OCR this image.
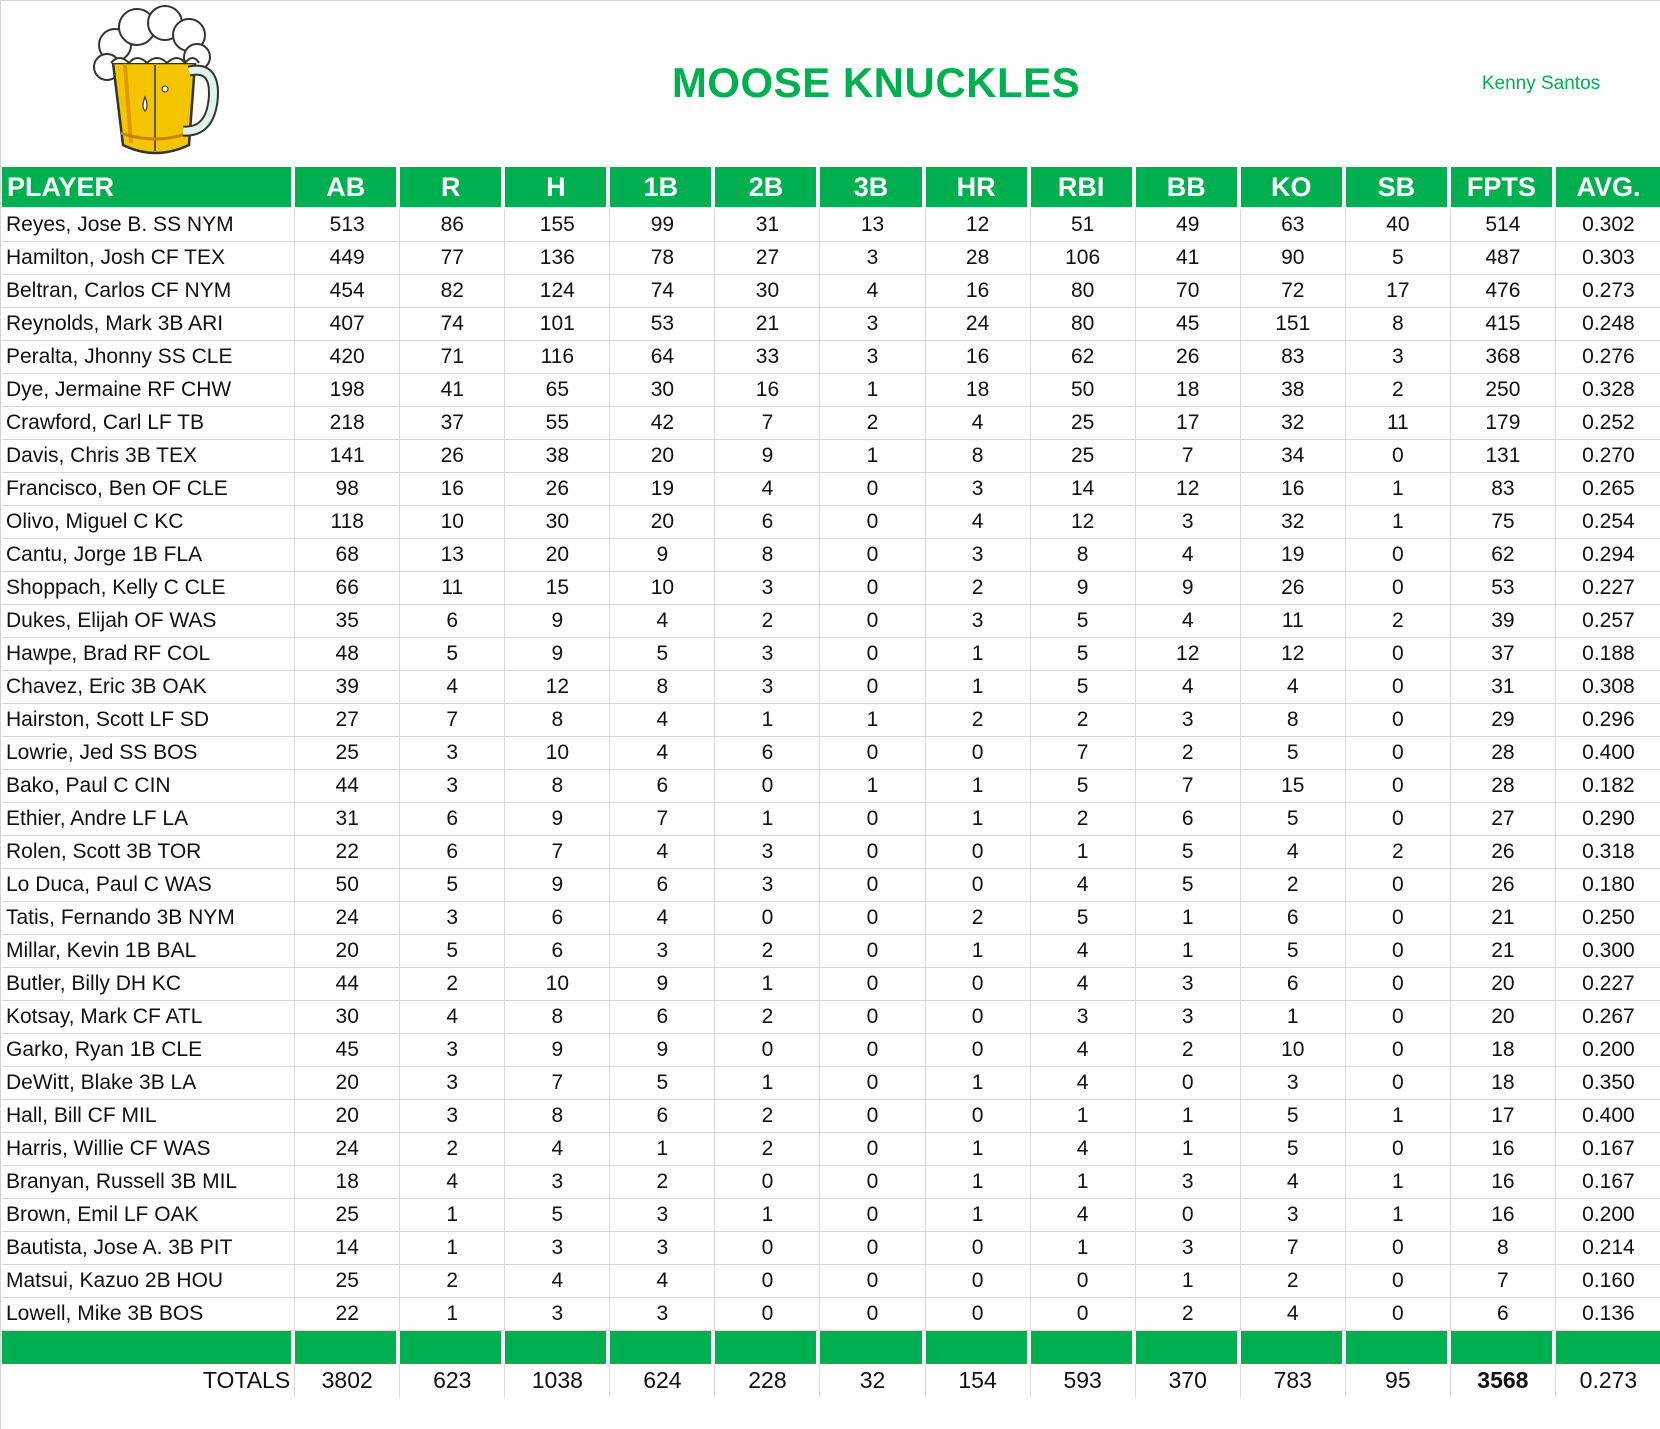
MOOSE KNUCKLES	Kenny Santos
PLAYER	AB	R	H	1B	2B	3B	HR	RBI	BB	KO	SB	FPTS	AVG.
Reyes, Jose B. SS NYM	513	86	155	99	31	13	12	51	49	63	40	514	0.302
Hamilton, Josh CF TEX	449	77	136	78	27	3	28	106	41	90	5	487	0.303
Beltran, Carlos CF NYM	454	82	124	74	30	4	16	80	70	72	17	476	0.273
Reynolds, Mark 3B ARI	407	74	101	53	21	3	24	80	45	151	8	415	0.248
Peralta, Jhonny SS CLE	420	71	116	64	33	3	16	62	26	83	3	368	0.276
Dye, Jermaine RF CHW	198	41	65	30	16	1	18	50	18	38	2	250	0.328
Crawford, Carl LF TB	218	37	55	42	7	2	4	25	17	32	11	179	0.252
Davis, Chris 3B TEX	141	26	38	20	9	1	8	25	7	34	0	131	0.270
Francisco, Ben OF CLE	98	16	26	19	4	0	3	14	12	16	1	83	0.265
Olivo, Miguel C KC	118	10	30	20	6	0	4	12	3	32	1	75	0.254
Cantu, Jorge 1B FLA	68	13	20	9	8	0	3	8	4	19	0	62	0.294
Shoppach, Kelly C CLE	66	11	15	10	3	0	2	9	9	26	0	53	0.227
Dukes, Elijah OF WAS	35	6	9	4	2	0	3	5	4	11	2	39	0.257
Hawpe, Brad RF COL	48	5	9	5	3	0	1	5	12	12	0	37	0.188
Chavez, Eric 3B OAK	39	4	12	8	3	0	1	5	4	4	0	31	0.308
Hairston, Scott LF SD	27	7	8	4	1	1	2	2	3	8	0	29	0.296
Lowrie, Jed SS BOS	25	3	10	4	6	0	0	7	2	5	0	28	0.400
Bako, Paul C CIN	44	3	8	6	0	1	1	5	7	15	0	28	0.182
Ethier, Andre LF LA	31	6	9	7	1	0	1	2	6	5	0	27	0.290
Rolen, Scott 3B TOR	22	6	7	4	3	0	0	1	5	4	2	26	0.318
Lo Duca, Paul C WAS	50	5	9	6	3	0	0	4	5	2	0	26	0.180
Tatis, Fernando 3B NYM	24	3	6	4	0	0	2	5	1	6	0	21	0.250
Millar, Kevin 1B BAL	20	5	6	3	2	0	1	4	1	5	0	21	0.300
Butler, Billy DH KC	44	2	10	9	1	0	0	4	3	6	0	20	0.227
Kotsay, Mark CF ATL	30	4	8	6	2	0	0	3	3	1	0	20	0.267
Garko, Ryan 1B CLE	45	3	9	9	0	0	0	4	2	10	0	18	0.200
DeWitt, Blake 3B LA	20	3	7	5	1	0	1	4	0	3	0	18	0.350
Hall, Bill CF MIL	20	3	8	6	2	0	0	1	1	5	1	17	0.400
Harris, Willie CF WAS	24	2	4	1	2	0	1	4	1	5	0	16	0.167
Branyan, Russell 3B MIL	18	4	3	2	0	0	1	1	3	4	1	16	0.167
Brown, Emil LF OAK	25	1	5	3	1	0	1	4	0	3	1	16	0.200
Bautista, Jose A. 3B PIT	14	1	3	3	0	0	0	1	3	7	0	8	0.214
Matsui, Kazuo 2B HOU	25	2	4	4	0	0	0	0	1	2	0	7	0.160
Lowell, Mike 3B BOS	22	1	3	3	0	0	0	0	2	4	0	6	0.136

TOTALS	3802	623	1038	624	228	32	154	593	370	783	95	3568	0.273
